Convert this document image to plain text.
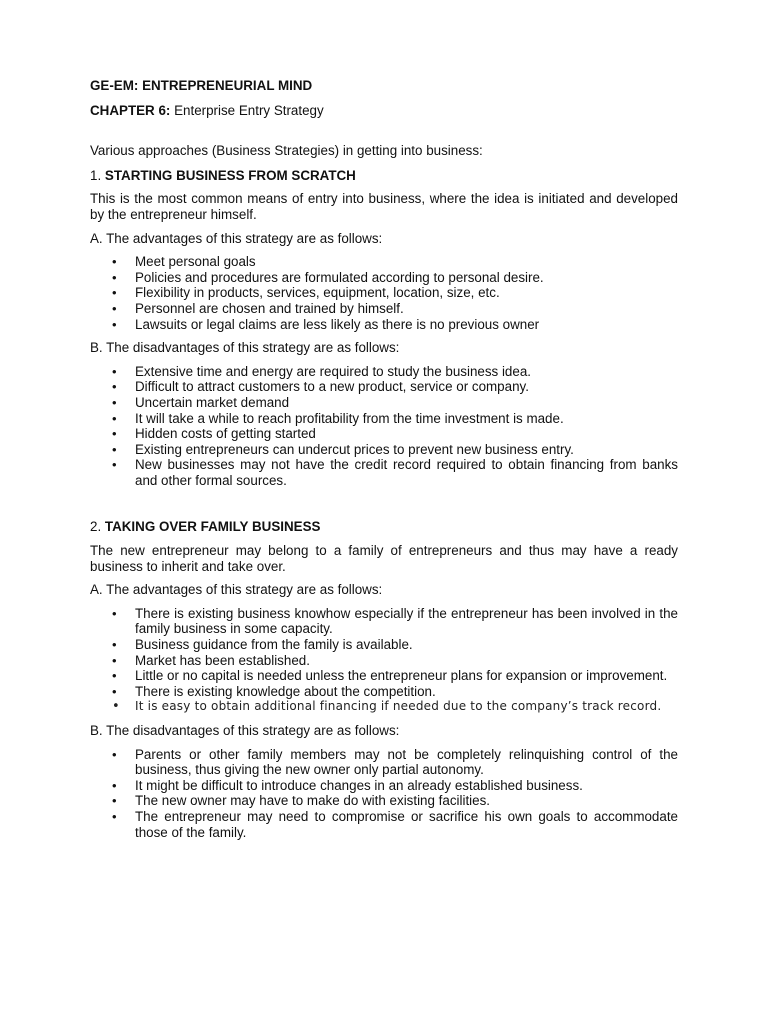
GE-EM: ENTREPRENEURIAL MIND

CHAPTER 6: Enterprise Entry Strategy

Various approaches (Business Strategies) in getting into business:

1. STARTING BUSINESS FROM SCRATCH

This is the most common means of entry into business, where the idea is initiated and developed by the entrepreneur himself.

A. The advantages of this strategy are as follows:

• Meet personal goals
• Policies and procedures are formulated according to personal desire.
• Flexibility in products, services, equipment, location, size, etc.
• Personnel are chosen and trained by himself.
• Lawsuits or legal claims are less likely as there is no previous owner

B. The disadvantages of this strategy are as follows:

• Extensive time and energy are required to study the business idea.
• Difficult to attract customers to a new product, service or company.
• Uncertain market demand
• It will take a while to reach profitability from the time investment is made.
• Hidden costs of getting started
• Existing entrepreneurs can undercut prices to prevent new business entry.
• New businesses may not have the credit record required to obtain financing from banks and other formal sources.

2. TAKING OVER FAMILY BUSINESS

The new entrepreneur may belong to a family of entrepreneurs and thus may have a ready business to inherit and take over.

A. The advantages of this strategy are as follows:

• There is existing business knowhow especially if the entrepreneur has been involved in the family business in some capacity.
• Business guidance from the family is available.
• Market has been established.
• Little or no capital is needed unless the entrepreneur plans for expansion or improvement.
• There is existing knowledge about the competition.
• It is easy to obtain additional financing if needed due to the company’s track record.

B. The disadvantages of this strategy are as follows:

• Parents or other family members may not be completely relinquishing control of the business, thus giving the new owner only partial autonomy.
• It might be difficult to introduce changes in an already established business.
• The new owner may have to make do with existing facilities.
• The entrepreneur may need to compromise or sacrifice his own goals to accommodate those of the family.
